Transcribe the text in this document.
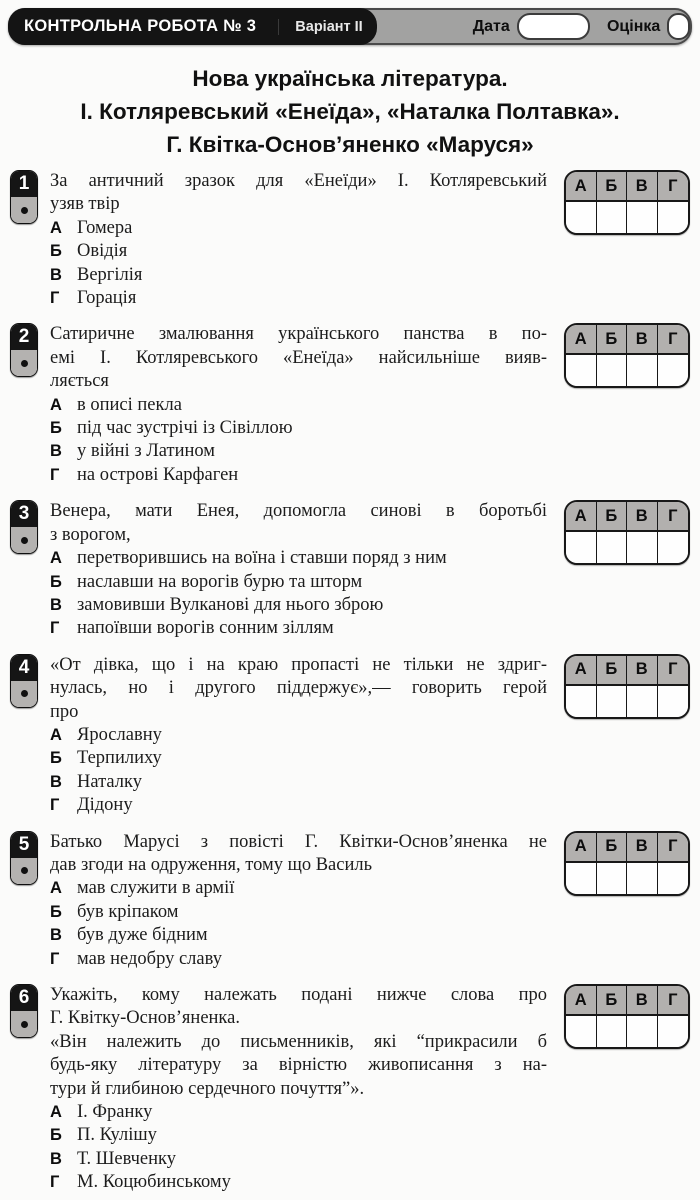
КОНТРОЛЬНА РОБОТА № 3	Варіант II	Дата	Оцінка
Нова українська література.
І. Котляревський «Енеїда», «Наталка Полтавка».
Г. Квітка-Основ’яненко «Маруся»
1	За античний зразок для «Енеїди» І. Котляревський
узяв твір
А Гомера
Б Овідія
В Вергілія
Г Горація
А	Б	В	Г
2	Сатиричне змалювання українського панства в по-
емі І. Котляревського «Енеїда» найсильніше вияв-
ляється
А в описі пекла
Б під час зустрічі із Сівіллою
В у війні з Латином
Г на острові Карфаген
А	Б	В	Г
3	Венера, мати Енея, допомогла синові в боротьбі
з ворогом,
А перетворившись на воїна і ставши поряд з ним
Б наславши на ворогів бурю та шторм
В замовивши Вулканові для нього зброю
Г напоївши ворогів сонним зіллям
А	Б	В	Г
4	«От дівка, що і на краю пропасті не тільки не здриг-
нулась, но і другого піддержує»,— говорить герой
про
А Ярославну
Б Терпилиху
В Наталку
Г Дідону
А	Б	В	Г
5	Батько Марусі з повісті Г. Квітки-Основ’яненка не
дав згоди на одруження, тому що Василь
А мав служити в армії
Б був кріпаком
В був дуже бідним
Г мав недобру славу
А	Б	В	Г
6	Укажіть, кому належать подані нижче слова про
Г. Квітку-Основ’яненка.
«Він належить до письменників, які “прикрасили б
будь-яку літературу за вірністю живописання з на-
тури й глибиною сердечного почуття”».
А І. Франку
Б П. Кулішу
В Т. Шевченку
Г М. Коцюбинському
А	Б	В	Г
